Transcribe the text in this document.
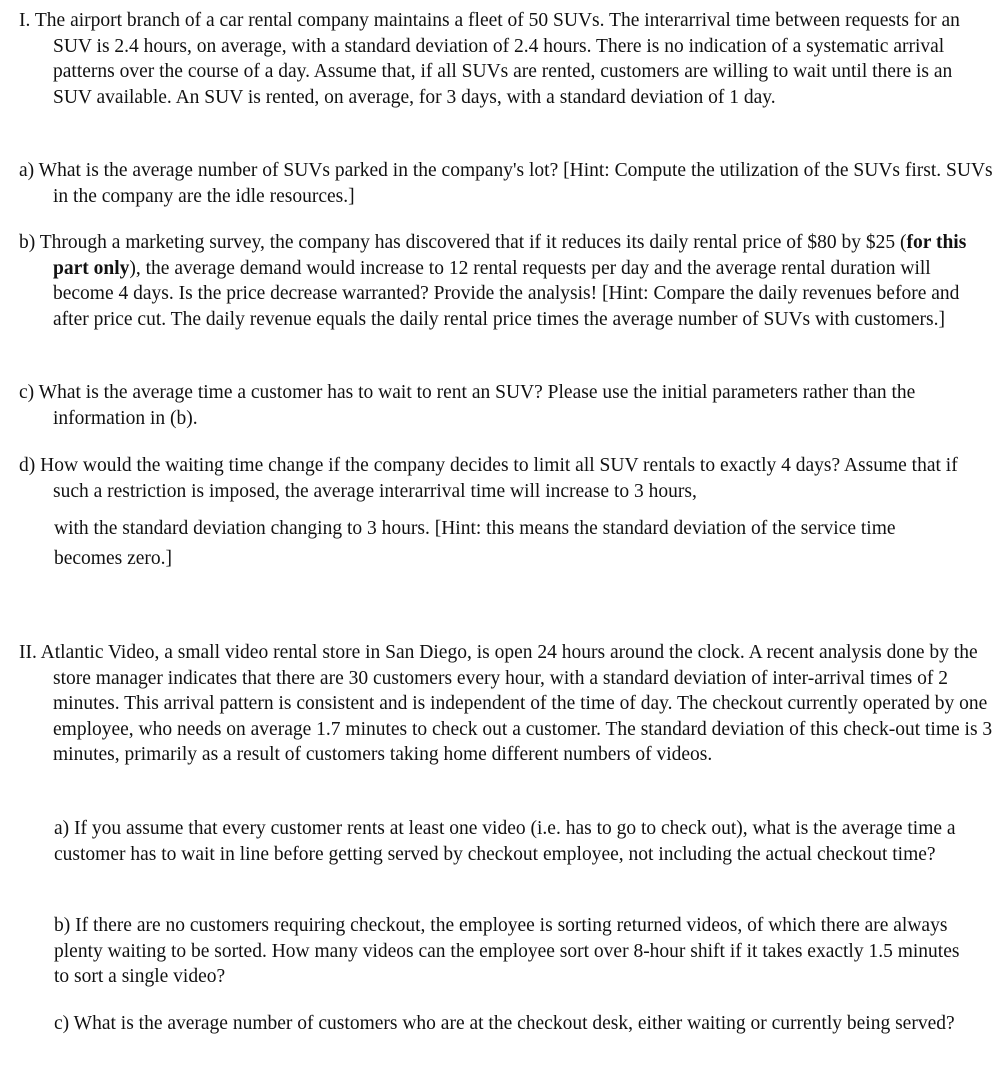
I. The airport branch of a car rental company maintains a fleet of 50 SUVs. The interarrival time between requests for an SUV is 2.4 hours, on average, with a standard deviation of 2.4 hours. There is no indication of a systematic arrival patterns over the course of a day. Assume that, if all SUVs are rented, customers are willing to wait until there is an SUV available. An SUV is rented, on average, for 3 days, with a standard deviation of 1 day.

a) What is the average number of SUVs parked in the company's lot? [Hint: Compute the utilization of the SUVs first. SUVs in the company are the idle resources.]

b) Through a marketing survey, the company has discovered that if it reduces its daily rental price of $80 by $25 (for this part only), the average demand would increase to 12 rental requests per day and the average rental duration will become 4 days. Is the price decrease warranted? Provide the analysis! [Hint: Compare the daily revenues before and after price cut. The daily revenue equals the daily rental price times the average number of SUVs with customers.]

c) What is the average time a customer has to wait to rent an SUV? Please use the initial parameters rather than the information in (b).

d) How would the waiting time change if the company decides to limit all SUV rentals to exactly 4 days? Assume that if such a restriction is imposed, the average interarrival time will increase to 3 hours,

with the standard deviation changing to 3 hours. [Hint: this means the standard deviation of the service time becomes zero.]

II. Atlantic Video, a small video rental store in San Diego, is open 24 hours around the clock. A recent analysis done by the store manager indicates that there are 30 customers every hour, with a standard deviation of inter-arrival times of 2 minutes. This arrival pattern is consistent and is independent of the time of day. The checkout currently operated by one employee, who needs on average 1.7 minutes to check out a customer. The standard deviation of this check-out time is 3 minutes, primarily as a result of customers taking home different numbers of videos.

a) If you assume that every customer rents at least one video (i.e. has to go to check out), what is the average time a customer has to wait in line before getting served by checkout employee, not including the actual checkout time?

b) If there are no customers requiring checkout, the employee is sorting returned videos, of which there are always plenty waiting to be sorted. How many videos can the employee sort over 8-hour shift if it takes exactly 1.5 minutes to sort a single video?

c) What is the average number of customers who are at the checkout desk, either waiting or currently being served?
